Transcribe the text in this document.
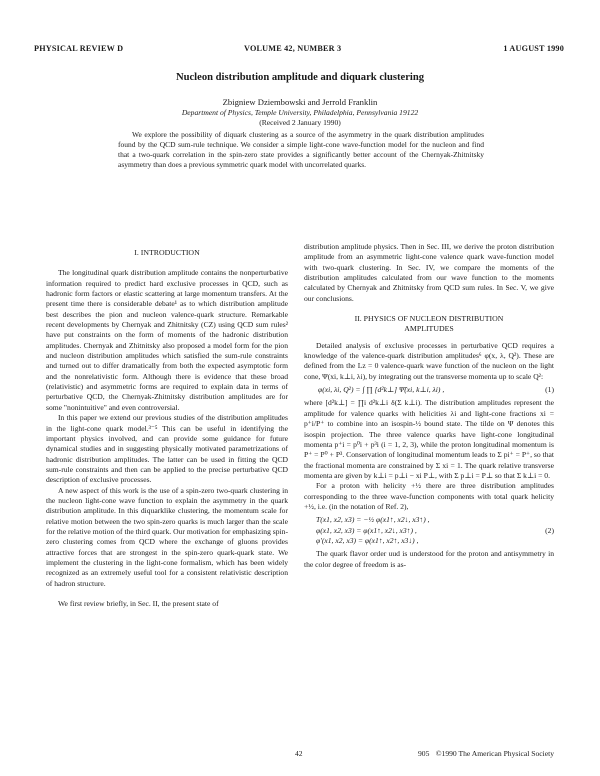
PHYSICAL REVIEW D	VOLUME 42, NUMBER 3	1 AUGUST 1990
Nucleon distribution amplitude and diquark clustering
Zbigniew Dziembowski and Jerrold Franklin
Department of Physics, Temple University, Philadelphia, Pennsylvania 19122
(Received 2 January 1990)
We explore the possibility of diquark clustering as a source of the asymmetry in the quark distribution amplitudes found by the QCD sum-rule technique. We consider a simple light-cone wave-function model for the nucleon and find that a two-quark correlation in the spin-zero state provides a significantly better account of the Chernyak-Zhitnitsky asymmetry than does a previous symmetric quark model with uncorrelated quarks.
I. INTRODUCTION

The longitudinal quark distribution amplitude contains the nonperturbative information required to predict hard exclusive processes in QCD, such as hadronic form factors or elastic scattering at large momentum transfers. At the present time there is considerable debate¹ as to which distribution amplitude best describes the pion and nucleon valence-quark structure. Remarkable recent developments by Chernyak and Zhitnitsky (CZ) using QCD sum rules² have put constraints on the form of moments of the hadronic distribution amplitudes. Chernyak and Zhitnitsky also proposed a model form for the pion and nucleon distribution amplitudes which satisfied the sum-rule constraints and turned out to differ dramatically from both the expected asymptotic form and the nonrelativistic form. Although there is evidence that these broad (relativistic) and asymmetric forms are required to explain data in terms of perturbative QCD, the Chernyak-Zhitnitsky distribution amplitudes are for some "nonintuitive" and even controversial.

In this paper we extend our previous studies of the distribution amplitudes in the light-cone quark model.³⁻⁵ This can be useful in identifying the important physics involved, and can provide some guidance for future dynamical studies and in suggesting physically motivated parametrizations of hadronic distribution amplitudes. The latter can be used in fitting the QCD sum-rule constraints and then can be applied to the precise perturbative QCD description of exclusive processes.

A new aspect of this work is the use of a spin-zero two-quark clustering in the nucleon light-cone wave function to explain the asymmetry in the quark distribution amplitude. In this diquarklike clustering, the momentum scale for relative motion between the two spin-zero quarks is much larger than the scale for the relative motion of the third quark. Our motivation for emphasizing spin-zero clustering comes from QCD where the exchange of gluons provides attractive forces that are strongest in the spin-zero quark-quark state. We implement the clustering in the light-cone formalism, which has been widely recognized as an extremely useful tool for a consistent relativistic description of hadron structure.

We first review briefly, in Sec. II, the present state of

distribution amplitude physics. Then in Sec. III, we derive the proton distribution amplitude from an asymmetric light-cone valence quark wave-function model with two-quark clustering. In Sec. IV, we compare the moments of the distribution amplitudes calculated from our wave function to the moments calculated by Chernyak and Zhitnitsky from QCD sum rules. In Sec. V, we give our conclusions.

II. PHYSICS OF NUCLEON DISTRIBUTION
AMPLITUDES

Detailed analysis of exclusive processes in perturbative QCD requires a knowledge of the valence-quark distribution amplitudes⁶ φ(x, λ, Q²). These are defined from the Lz = 0 valence-quark wave function of the nucleon on the light cone, Ψ(xi, k⊥i, λi), by integrating out the transverse momenta up to scale Q²:

φ(xi, λi, Q²) = ∫ ∏ [d²k⊥] Ψ̃(xi, k⊥i, λi) ,	(1)

where [d²k⊥] = ∏i d²k⊥i δ(Σ k⊥i). The distribution amplitudes represent the amplitude for valence quarks with helicities λi and light-cone fractions xi = p⁺i/P⁺ to combine into an isospin-½ bound state. The tilde on Ψ denotes this isospin projection. The three valence quarks have light-cone longitudinal momenta p⁺i = p⁰i + p³i (i = 1, 2, 3), while the proton longitudinal momentum is P⁺ = P⁰ + P³. Conservation of longitudinal momentum leads to Σ pi⁺ = P⁺, so that the fractional momenta are constrained by Σ xi = 1. The quark relative transverse momenta are given by k⊥i = p⊥i − xi P⊥, with Σ p⊥i = P⊥ so that Σ k⊥i = 0.

For a proton with helicity +½ there are three distribution amplitudes corresponding to the three wave-function components with total quark helicity +½, i.e. (in the notation of Ref. 2),

T(x1, x2, x3) = −½ φ(x1↑, x2↓, x3↑) ,
φ(x1, x2, x3) = φ(x1↑, x2↓, x3↑) ,	(2)
φ′(x1, x2, x3) = φ(x1↑, x2↑, x3↓) ,

The quark flavor order uud is understood for the proton and antisymmetry in the color degree of freedom is as-

42	905 ©1990 The American Physical Society
